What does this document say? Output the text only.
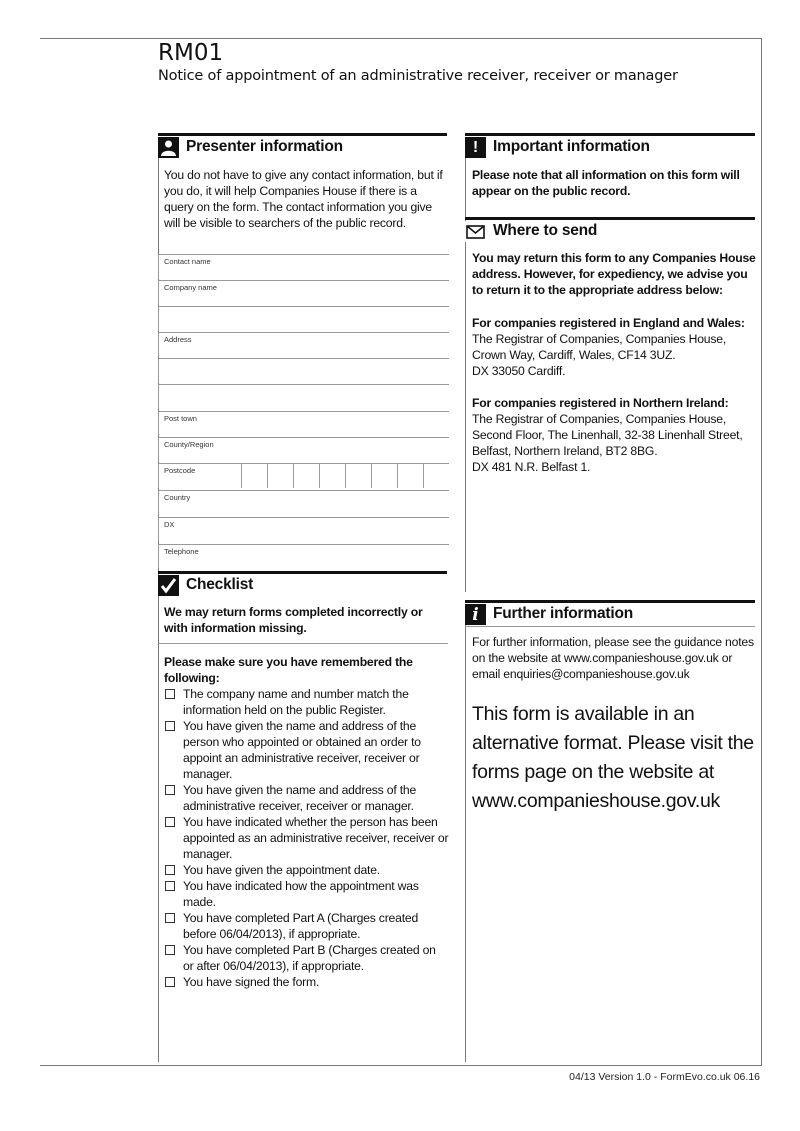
RM01
Notice of appointment of an administrative receiver, receiver or manager
Presenter information
You do not have to give any contact information, but if you do, it will help Companies House if there is a query on the form. The contact information you give will be visible to searchers of the public record.
Contact name
Company name
Address
Post town
County/Region
Postcode
Country
DX
Telephone
Checklist
We may return forms completed incorrectly or with information missing.
Please make sure you have remembered the following:
The company name and number match the information held on the public Register.
You have given the name and address of the person who appointed or obtained an order to appoint an administrative receiver, receiver or manager.
You have given the name and address of the administrative receiver, receiver or manager.
You have indicated whether the person has been appointed as an administrative receiver, receiver or manager.
You have given the appointment date.
You have indicated how the appointment was made.
You have completed Part A (Charges created before 06/04/2013), if appropriate.
You have completed Part B (Charges created on or after 06/04/2013), if appropriate.
You have signed the form.
! Important information
Please note that all information on this form will appear on the public record.
Where to send
You may return this form to any Companies House address. However, for expediency, we advise you to return it to the appropriate address below:
For companies registered in England and Wales:
The Registrar of Companies, Companies House,
Crown Way, Cardiff, Wales, CF14 3UZ.
DX 33050 Cardiff.
For companies registered in Northern Ireland:
The Registrar of Companies, Companies House,
Second Floor, The Linenhall, 32-38 Linenhall Street,
Belfast, Northern Ireland, BT2 8BG.
DX 481 N.R. Belfast 1.
i Further information
For further information, please see the guidance notes on the website at www.companieshouse.gov.uk or email enquiries@companieshouse.gov.uk
This form is available in an alternative format. Please visit the forms page on the website at www.companieshouse.gov.uk
04/13 Version 1.0 - FormEvo.co.uk 06.16
